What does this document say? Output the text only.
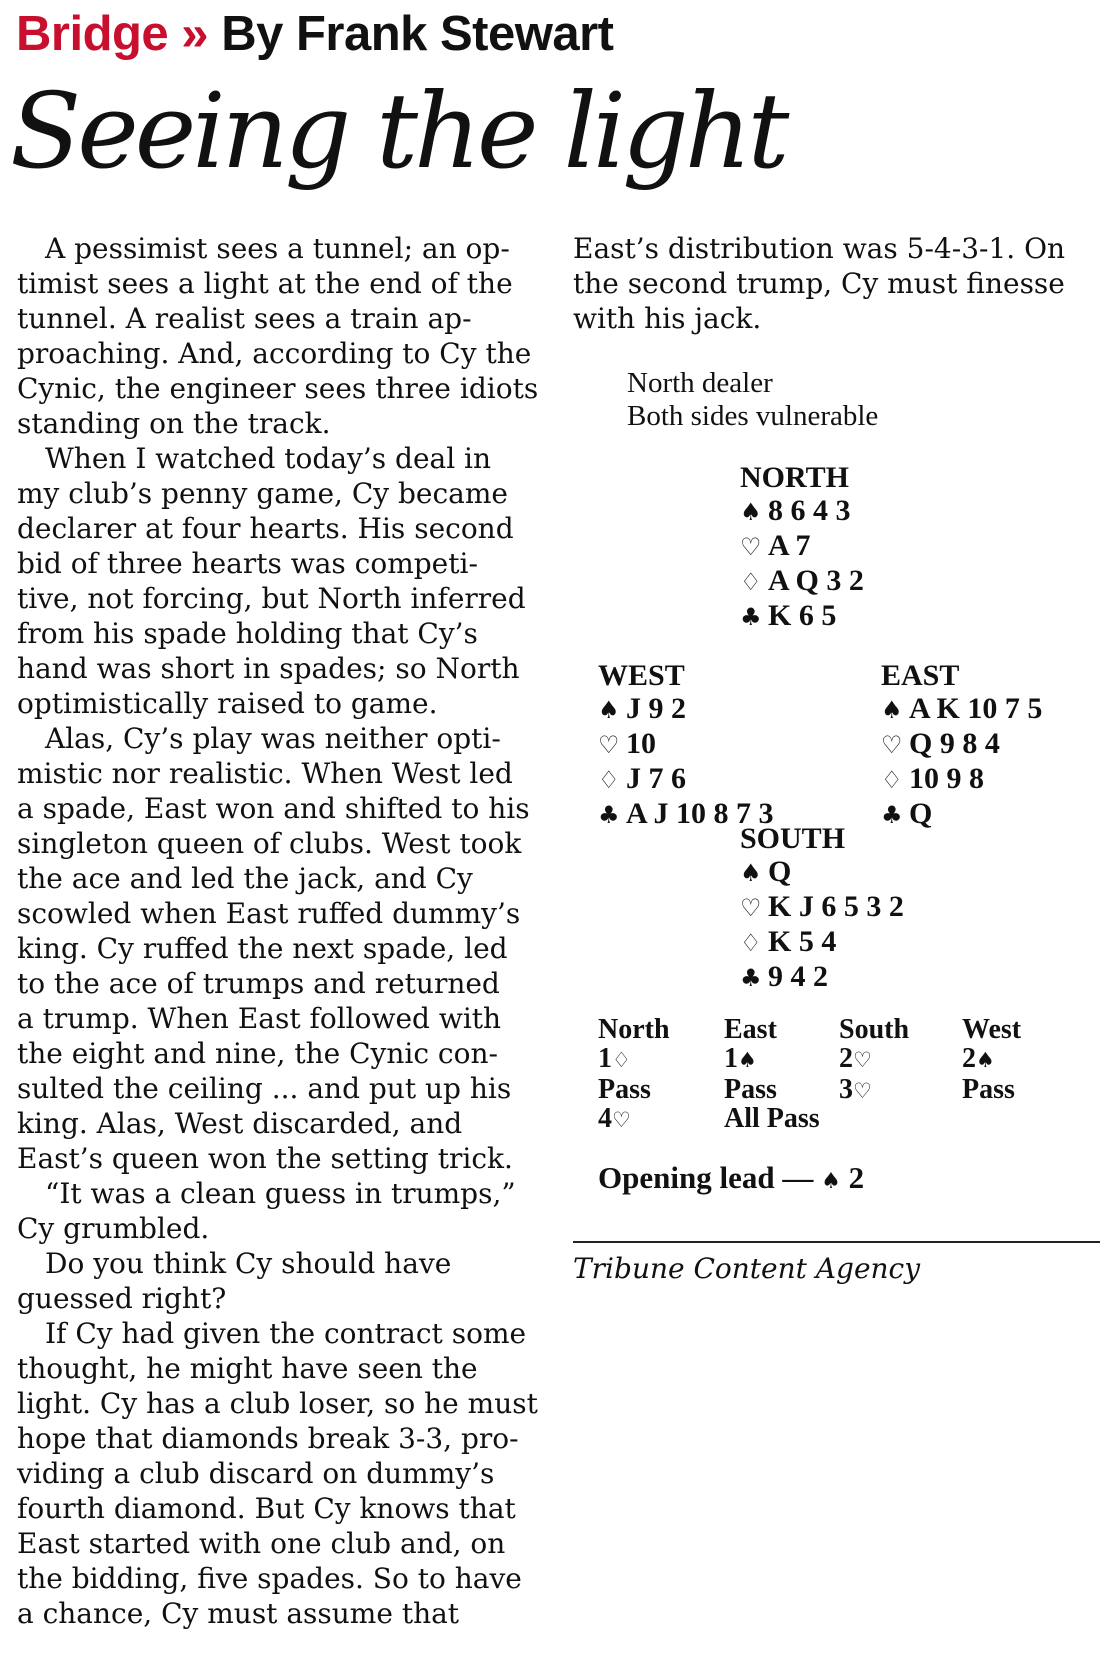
Bridge » By Frank Stewart
Seeing the light
 A pessimist sees a tunnel; an op-
timist sees a light at the end of the
tunnel. A realist sees a train ap-
proaching. And, according to Cy the
Cynic, the engineer sees three idiots
standing on the track.
 When I watched today’s deal in
my club’s penny game, Cy became
declarer at four hearts. His second
bid of three hearts was competi-
tive, not forcing, but North inferred
from his spade holding that Cy’s
hand was short in spades; so North
optimistically raised to game.
 Alas, Cy’s play was neither opti-
mistic nor realistic. When West led
a spade, East won and shifted to his
singleton queen of clubs. West took
the ace and led the jack, and Cy
scowled when East ruffed dummy’s
king. Cy ruffed the next spade, led
to the ace of trumps and returned
a trump. When East followed with
the eight and nine, the Cynic con-
sulted the ceiling ... and put up his
king. Alas, West discarded, and
East’s queen won the setting trick.
 “It was a clean guess in trumps,”
Cy grumbled.
 Do you think Cy should have
guessed right?
 If Cy had given the contract some
thought, he might have seen the
light. Cy has a club loser, so he must
hope that diamonds break 3-3, pro-
viding a club discard on dummy’s
fourth diamond. But Cy knows that
East started with one club and, on
the bidding, five spades. So to have
a chance, Cy must assume that
East’s distribution was 5-4-3-1. On
the second trump, Cy must finesse
with his jack.
North dealer
Both sides vulnerable
NORTH
♠ 8 6 4 3
♡ A 7
♢ A Q 3 2
♣ K 6 5
WEST
♠ J 9 2
♡ 10
♢ J 7 6
♣ A J 10 8 7 3
EAST
♠ A K 10 7 5
♡ Q 9 8 4
♢ 10 9 8
♣ Q
SOUTH
♠ Q
♡ K J 6 5 3 2
♢ K 5 4
♣ 9 4 2
North
1♢
Pass
4♡
East
1♠
Pass
All Pass
South
2♡
3♡
West
2♠
Pass
Opening lead — ♠ 2
Tribune Content Agency
